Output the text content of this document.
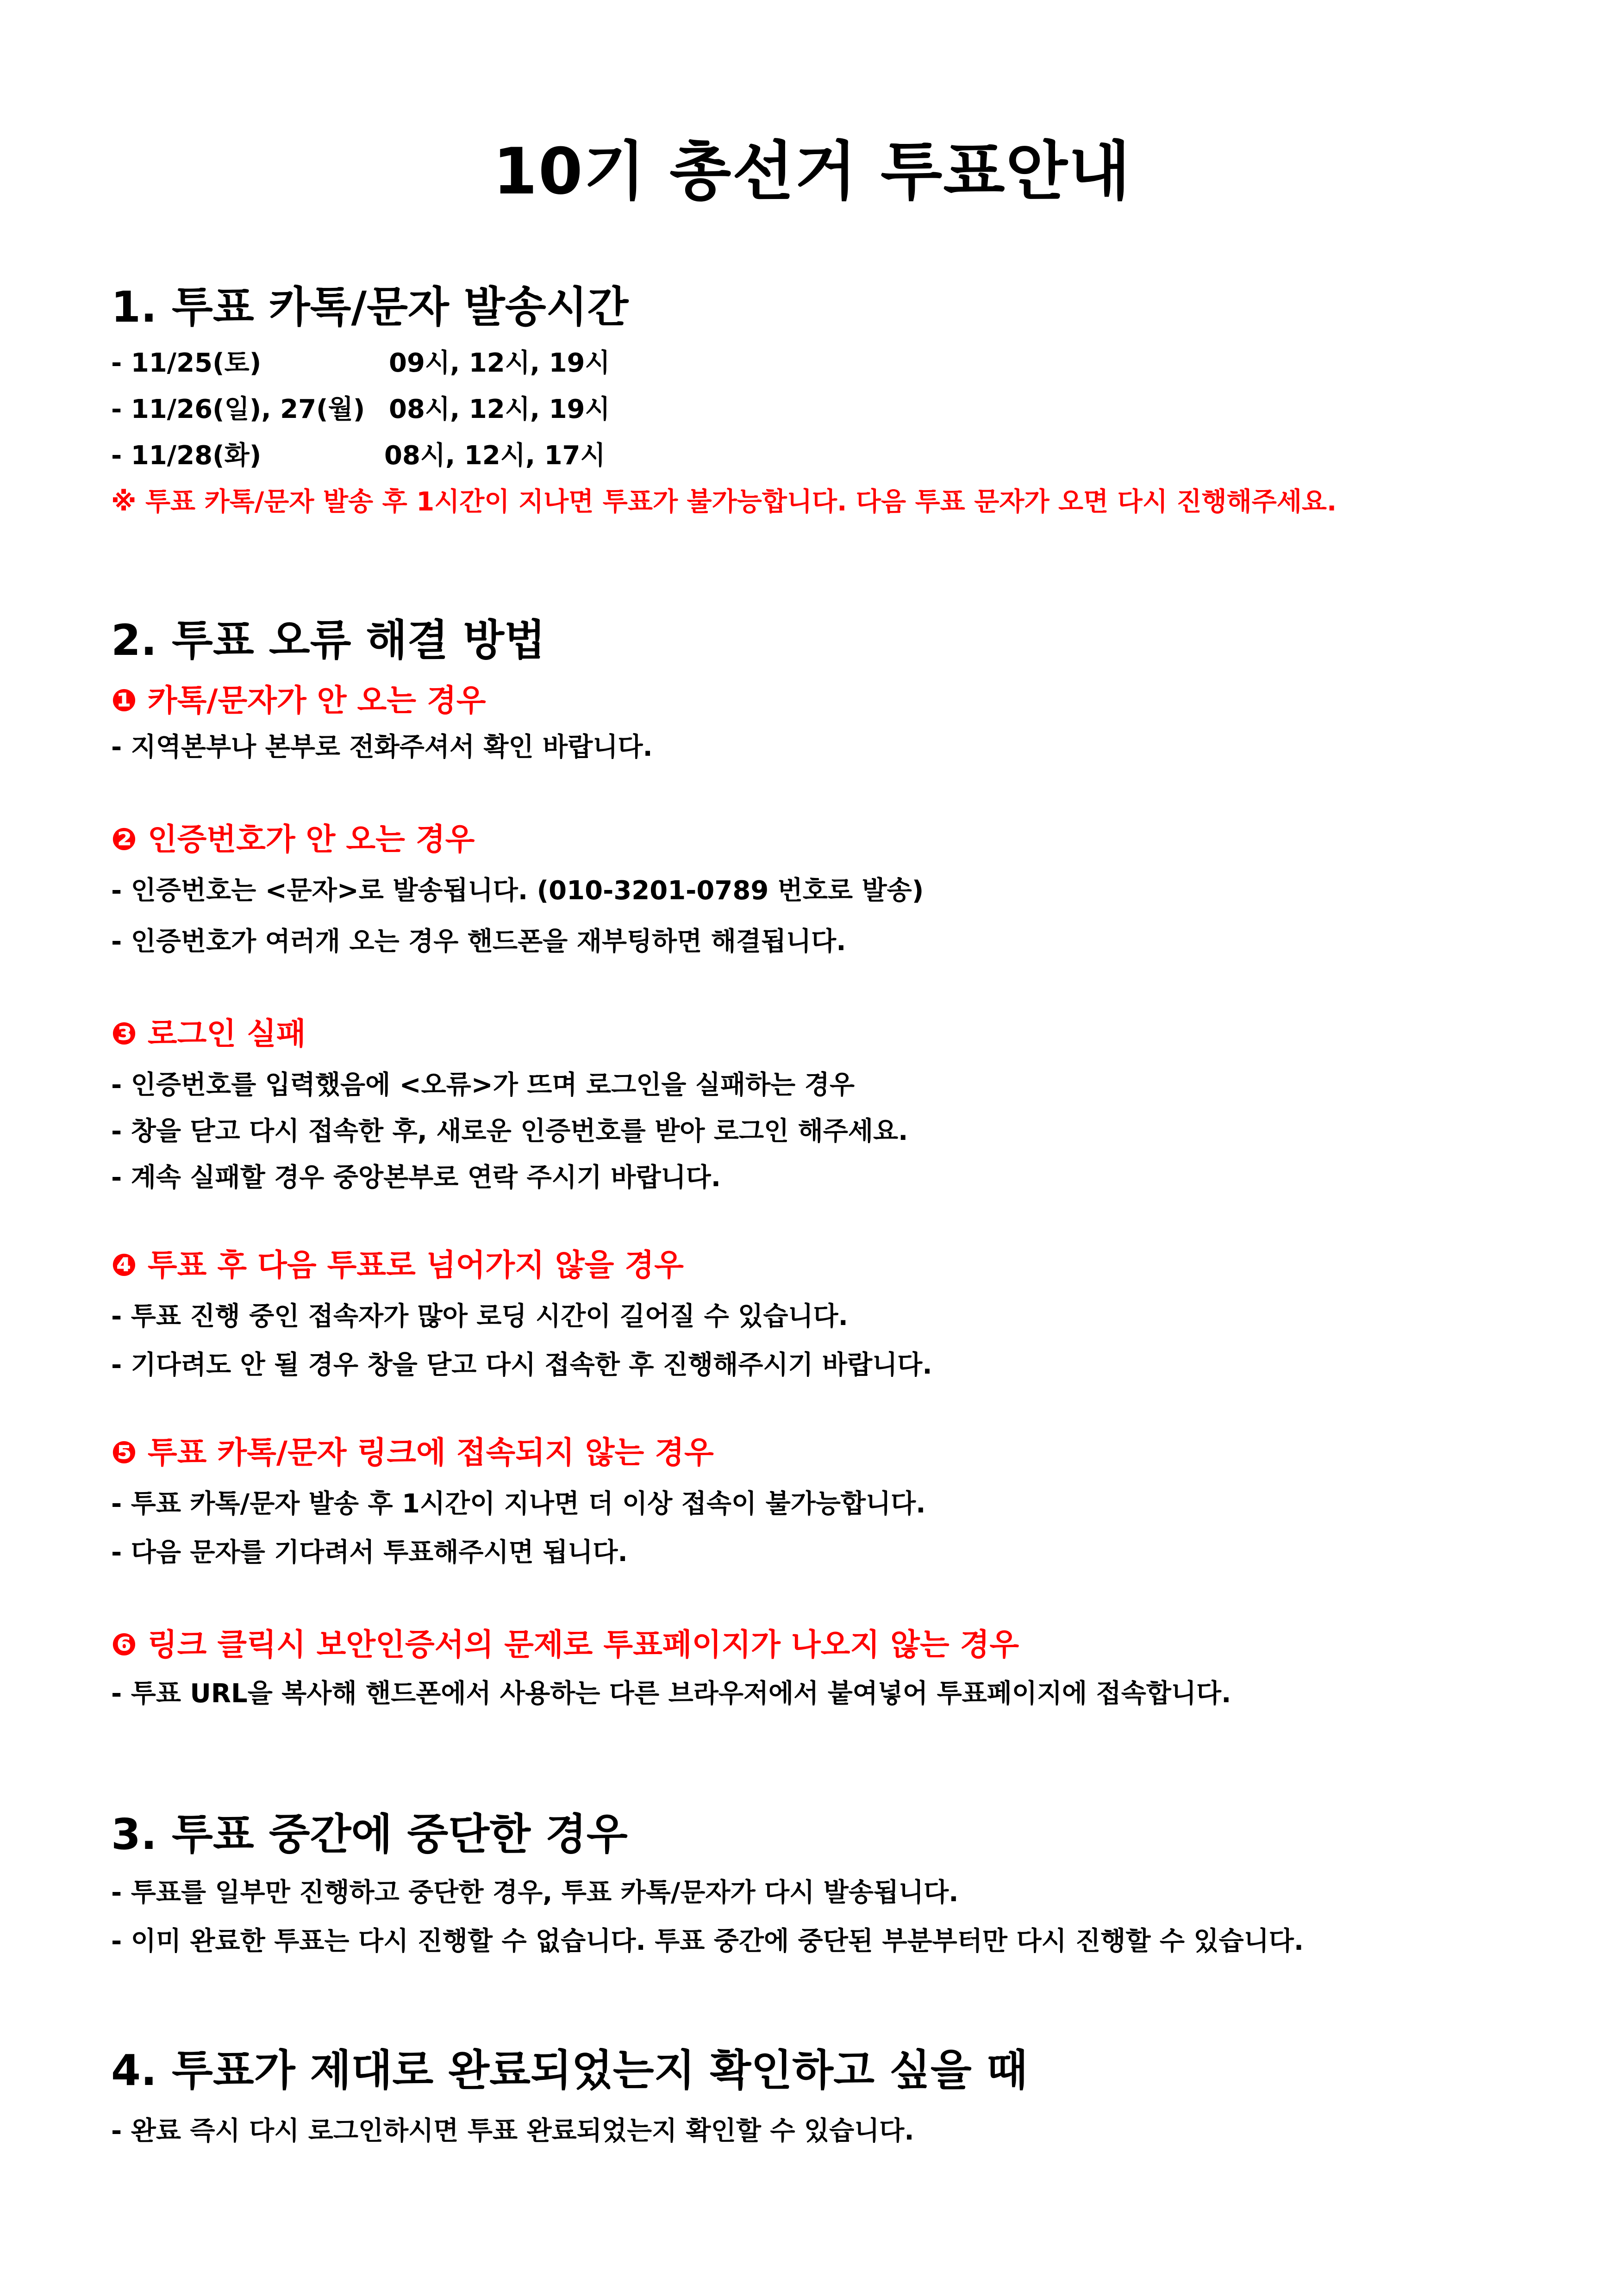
10기 총선거 투표안내
1. 투표 카톡/문자 발송시간
- 11/25(토)	09시, 12시, 19시
- 11/26(일), 27(월) 08시, 12시, 19시
- 11/28(화)	08시, 12시, 17시
※ 투표 카톡/문자 발송 후 1시간이 지나면 투표가 불가능합니다. 다음 투표 문자가 오면 다시 진행해주세요.
2. 투표 오류 해결 방법
❶ 카톡/문자가 안 오는 경우
- 지역본부나 본부로 전화주셔서 확인 바랍니다.
❷ 인증번호가 안 오는 경우
- 인증번호는 <문자>로 발송됩니다. (010-3201-0789 번호로 발송)
- 인증번호가 여러개 오는 경우 핸드폰을 재부팅하면 해결됩니다.
❸ 로그인 실패
- 인증번호를 입력했음에 <오류>가 뜨며 로그인을 실패하는 경우
- 창을 닫고 다시 접속한 후, 새로운 인증번호를 받아 로그인 해주세요.
- 계속 실패할 경우 중앙본부로 연락 주시기 바랍니다.
❹ 투표 후 다음 투표로 넘어가지 않을 경우
- 투표 진행 중인 접속자가 많아 로딩 시간이 길어질 수 있습니다.
- 기다려도 안 될 경우 창을 닫고 다시 접속한 후 진행해주시기 바랍니다.
❺ 투표 카톡/문자 링크에 접속되지 않는 경우
- 투표 카톡/문자 발송 후 1시간이 지나면 더 이상 접속이 불가능합니다.
- 다음 문자를 기다려서 투표해주시면 됩니다.
❻ 링크 클릭시 보안인증서의 문제로 투표페이지가 나오지 않는 경우
- 투표 URL을 복사해 핸드폰에서 사용하는 다른 브라우저에서 붙여넣어 투표페이지에 접속합니다.
3. 투표 중간에 중단한 경우
- 투표를 일부만 진행하고 중단한 경우, 투표 카톡/문자가 다시 발송됩니다.
- 이미 완료한 투표는 다시 진행할 수 없습니다. 투표 중간에 중단된 부분부터만 다시 진행할 수 있습니다.
4. 투표가 제대로 완료되었는지 확인하고 싶을 때
- 완료 즉시 다시 로그인하시면 투표 완료되었는지 확인할 수 있습니다.
